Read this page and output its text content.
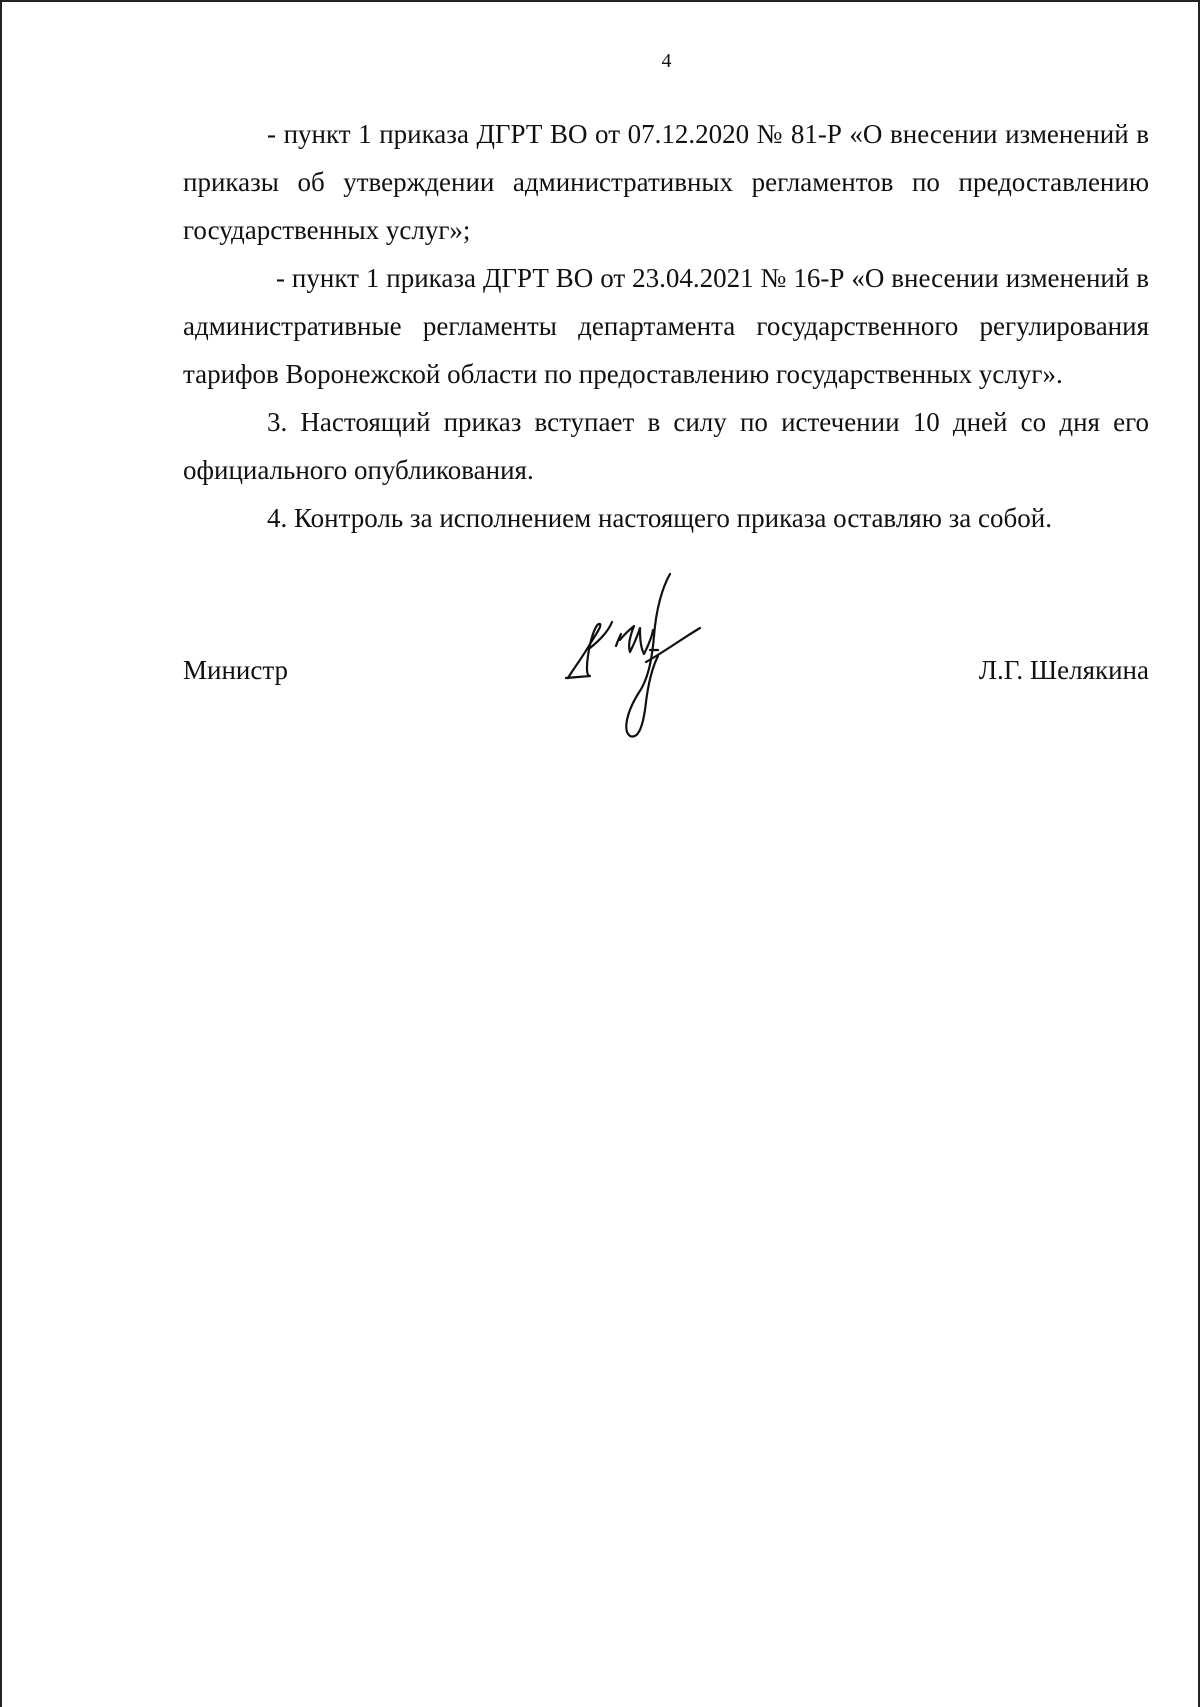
4

- пункт 1 приказа ДГРТ ВО от 07.12.2020 № 81-Р «О внесении изменений в приказы об утверждении административных регламентов по предоставлению государственных услуг»;

- пункт 1 приказа ДГРТ ВО от 23.04.2021 № 16-Р «О внесении изменений в административные регламенты департамента государственного регулирования тарифов Воронежской области по предоставлению государственных услуг».

3. Настоящий приказ вступает в силу по истечении 10 дней со дня его официального опубликования.

4. Контроль за исполнением настоящего приказа оставляю за собой.

Министр	Л.Г. Шелякина
